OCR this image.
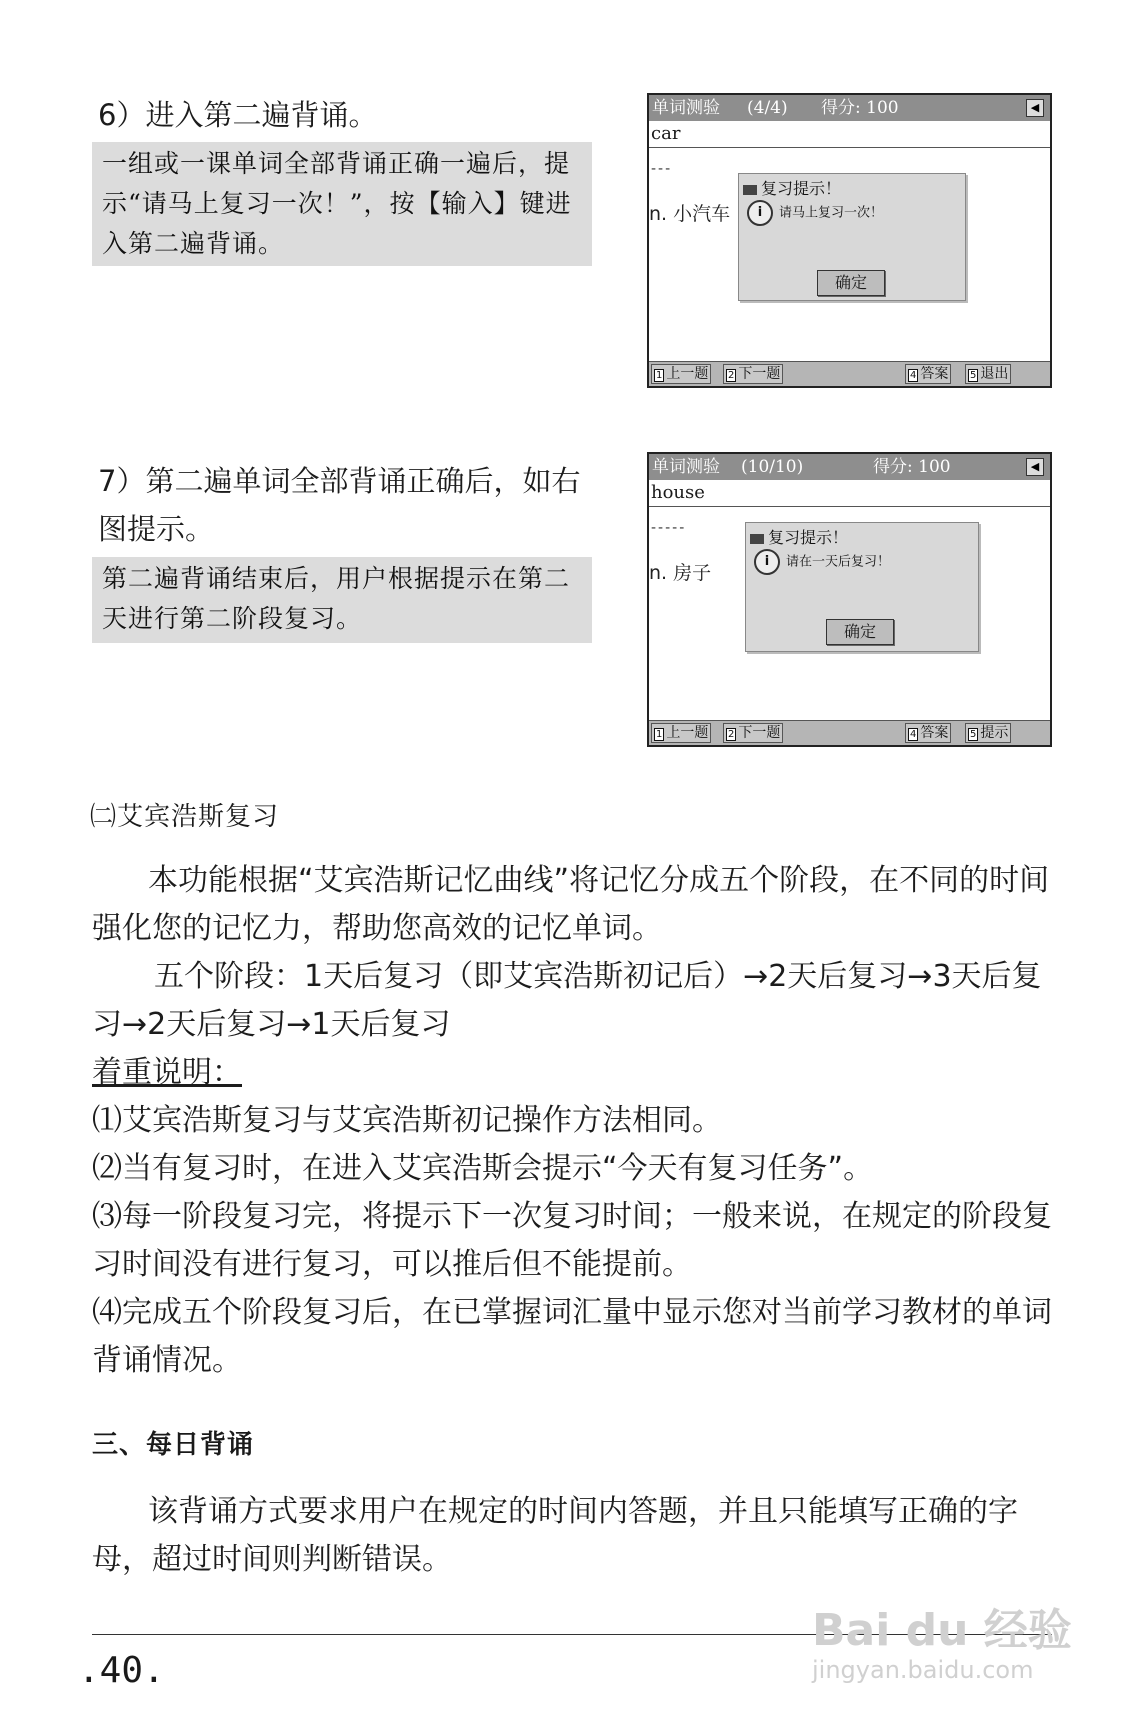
6）进入第二遍背诵。
一组或一课单词全部背诵正确一遍后，提示“请马上复习一次！”，按【输入】键进入第二遍背诵。
单词测验 (4/4) 得分: 100	◀
car
---
n. 小汽车
复习提示！
i 请马上复习一次！
确定
1 上一题	2 下一题	4 答案	5 退出
7）第二遍单词全部背诵正确后，如右图提示。
第二遍背诵结束后，用户根据提示在第二天进行第二阶段复习。
单词测验 (10/10)	得分: 100	◀
house
-----
n. 房子
复习提示！
i 请在一天后复习！
确定
1 上一题	2 下一题	4 答案	5 提示
㈡艾宾浩斯复习

本功能根据“艾宾浩斯记忆曲线”将记忆分成五个阶段，在不同的时间强化您的记忆力，帮助您高效的记忆单词。

五个阶段：1天后复习（即艾宾浩斯初记后）→2天后复习→3天后复习→2天后复习→1天后复习

着重说明：

⑴艾宾浩斯复习与艾宾浩斯初记操作方法相同。

⑵当有复习时，在进入艾宾浩斯会提示“今天有复习任务”。

⑶每一阶段复习完，将提示下一次复习时间；一般来说，在规定的阶段复习时间没有进行复习，可以推后但不能提前。

⑷完成五个阶段复习后，在已掌握词汇量中显示您对当前学习教材的单词背诵情况。

三、每日背诵

该背诵方式要求用户在规定的时间内答题，并且只能填写正确的字母，超过时间则判断错误。

.40.
Bai du 经验
jingyan.baidu.com
